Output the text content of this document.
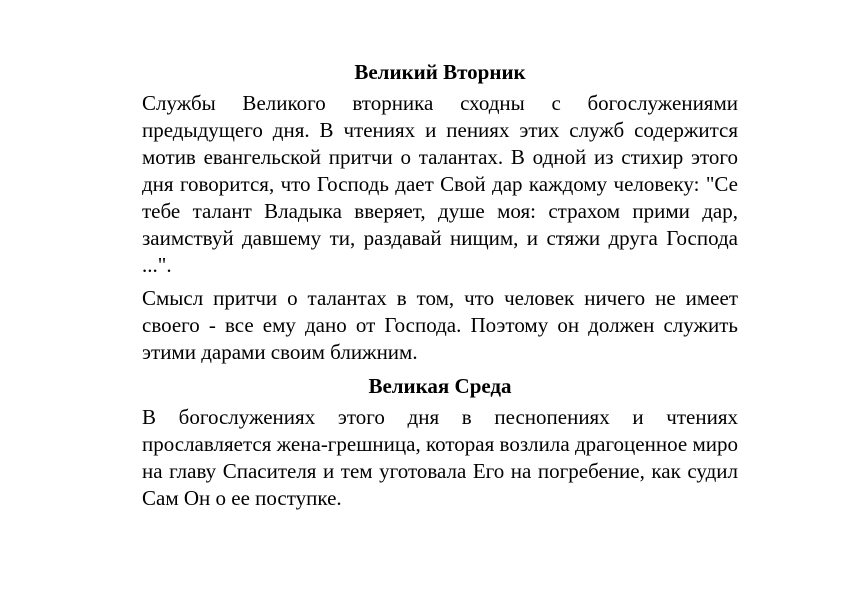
Великий Вторник

Службы Великого вторника сходны с богослужениями предыдущего дня. В чтениях и пениях этих служб содержится мотив евангельской притчи о талантах. В одной из стихир этого дня говорится, что Господь дает Свой дар каждому человеку: "Се тебе талант Владыка вверяет, душе моя: страхом прими дар, заимствуй давшему ти, раздавай нищим, и стяжи друга Господа ...".

Смысл притчи о талантах в том, что человек ничего не имеет своего - все ему дано от Господа. Поэтому он должен служить этими дарами своим ближним.

Великая Среда

В богослужениях этого дня в песнопениях и чтениях прославляется жена-грешница, которая возлила драгоценное миро на главу Спасителя и тем уготовала Его на погребение, как судил Сам Он о ее поступке.
